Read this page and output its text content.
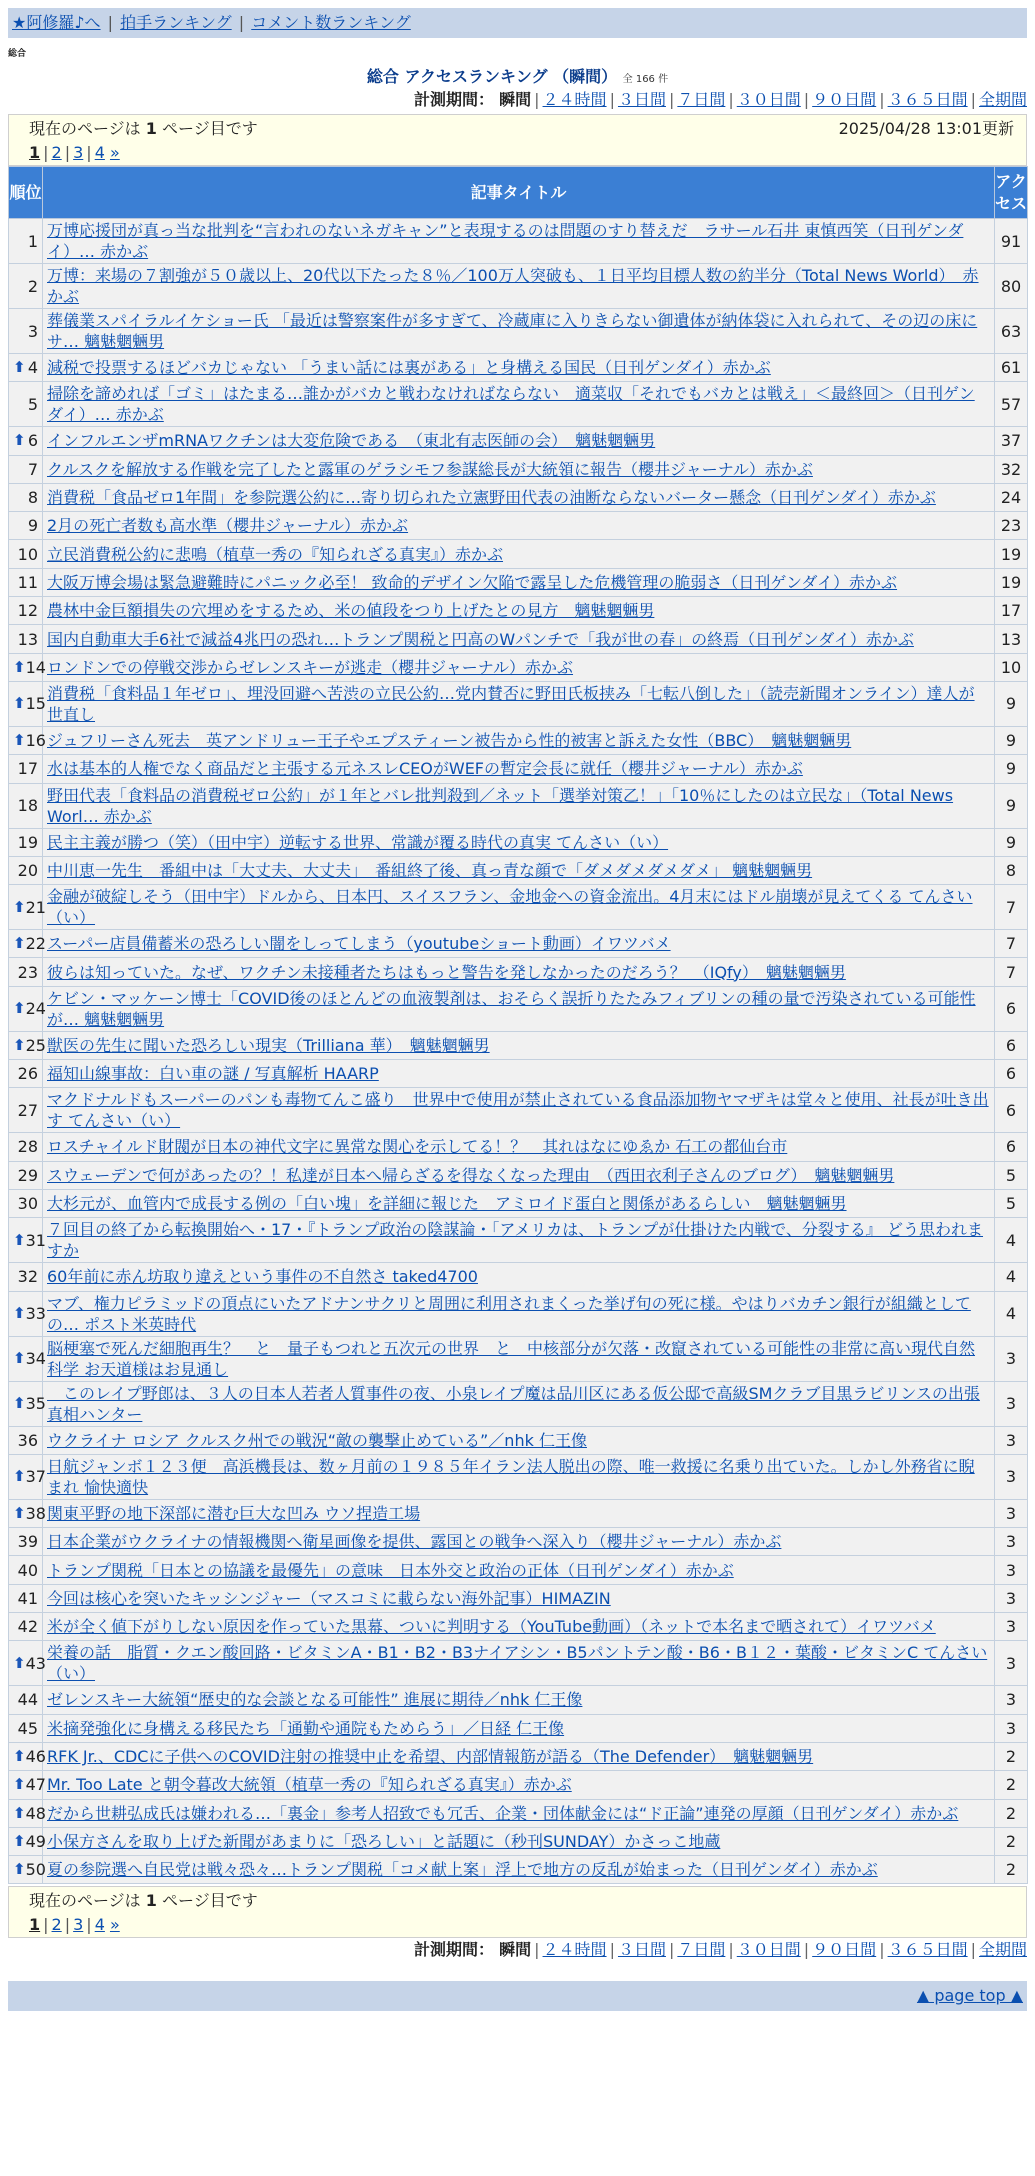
★阿修羅♪へ | 拍手ランキング | コメント数ランキング
総合
総合 アクセスランキング （瞬間） 全 166 件
計測期間： 瞬間 | ２４時間 | ３日間 | ７日間 | ３０日間 | ９０日間 | ３６５日間 | 全期間
現在のページは 1 ページ目です	2025/04/28 13:01更新
1 | 2 | 3 | 4 »
順位	記事タイトル	アクセス
1	万博応援団が真っ当な批判を“言われのないネガキャン”と表現するのは問題のすり替えだ　ラサール石井 東慎西笑（日刊ゲンダイ）… 赤かぶ	91
2	万博：来場の７割強が５０歳以上、20代以下たった８％／100万人突破も、１日平均目標人数の約半分（Total News World）　赤かぶ	80
3	葬儀業スパイラルイケショー氏 「最近は警察案件が多すぎて、冷蔵庫に入りきらない御遺体が納体袋に入れられて、その辺の床にサ… 魑魅魍魎男	63

⬆ 4	減税で投票するほどバカじゃない 「うまい話には裏がある」と身構える国民（日刊ゲンダイ）赤かぶ	61
5	掃除を諦めれば「ゴミ」はたまる…誰かがバカと戦わなければならない　適菜収「それでもバカとは戦え」＜最終回＞（日刊ゲンダイ）… 赤かぶ	57

⬆ 6	インフルエンザmRNAワクチンは大変危険である　（東北有志医師の会）　魑魅魍魎男	37
7	クルスクを解放する作戦を完了したと露軍のゲラシモフ参謀総長が大統領に報告（櫻井ジャーナル）赤かぶ	32
8	消費税「食品ゼロ1年間」を参院選公約に…寄り切られた立憲野田代表の油断ならないバーター懸念（日刊ゲンダイ）赤かぶ	24
9	2月の死亡者数も高水準（櫻井ジャーナル）赤かぶ	23
10	立民消費税公約に悲鳴（植草一秀の『知られざる真実』）赤かぶ	19
11	大阪万博会場は緊急避難時にパニック必至！ 致命的デザイン欠陥で露呈した危機管理の脆弱さ（日刊ゲンダイ）赤かぶ	19
12	農林中金巨額損失の穴埋めをするため、米の値段をつり上げたとの見方　魑魅魍魎男	17
13	国内自動車大手6社で減益4兆円の恐れ…トランプ関税と円高のWパンチで「我が世の春」の終焉（日刊ゲンダイ）赤かぶ	13

⬆ 14	ロンドンでの停戦交渉からゼレンスキーが逃走（櫻井ジャーナル）赤かぶ	10

⬆ 15	消費税「食料品１年ゼロ」、埋没回避へ苦渋の立民公約…党内賛否に野田氏板挟み「七転八倒した」（読売新聞オンライン）達人が世直し	9

⬆ 16	ジュフリーさん死去　英アンドリュー王子やエプスティーン被告から性的被害と訴えた女性（BBC）　魑魅魍魎男	9
17	水は基本的人権でなく商品だと主張する元ネスレCEOがWEFの暫定会長に就任（櫻井ジャーナル）赤かぶ	9
18	野田代表「食料品の消費税ゼロ公約」が１年とバレ批判殺到／ネット「選挙対策乙！」「10％にしたのは立民な」（Total News Worl… 赤かぶ	9
19	民主主義が勝つ（笑）（田中宇）逆転する世界、常識が覆る時代の真実 てんさい（い）	9
20	中川恵一先生　番組中は「大丈夫、大丈夫」　番組終了後、真っ青な顔で「ダメダメダメダメ」 魑魅魍魎男	8

⬆ 21	金融が破綻しそう（田中宇）ドルから、日本円、スイスフラン、金地金への資金流出。4月末にはドル崩壊が見えてくる てんさい（い）	7

⬆ 22	スーパー店員備蓄米の恐ろしい闇をしってしまう（youtubeショート動画）イワツバメ	7
23	彼らは知っていた。なぜ、ワクチン未接種者たちはもっと警告を発しなかったのだろう？　（IQfy）　魑魅魍魎男	7

⬆ 24	ケビン・マッケーン博士「COVID後のほとんどの血液製剤は、おそらく誤折りたたみフィブリンの種の量で汚染されている可能性が… 魑魅魍魎男	6

⬆ 25	獣医の先生に聞いた恐ろしい現実（Trilliana 華）　魑魅魍魎男	6
26	福知山線事故：白い車の謎 / 写真解析 HAARP	6
27	マクドナルドもスーパーのパンも毒物てんこ盛り　世界中で使用が禁止されている食品添加物ヤマザキは堂々と使用、社長が吐き出す てんさい（い）	6
28	ロスチャイルド財閥が日本の神代文字に異常な関心を示してる！？　其れはなにゆゑか 石工の都仙台市	6
29	スウェーデンで何があったの？！私達が日本へ帰らざるを得なくなった理由　（西田衣利子さんのブログ）　魑魅魍魎男	5
30	大杉元が、血管内で成長する例の「白い塊」を詳細に報じた　アミロイド蛋白と関係があるらしい　魑魅魍魎男	5

⬆ 31	７回目の終了から転換開始へ・17・『トランプ政治の陰謀論・「アメリカは、トランプが仕掛けた内戦で、分裂する』 どう思われますか	4
32	60年前に赤ん坊取り違えという事件の不自然さ taked4700	4

⬆ 33	マブ、権力ピラミッドの頂点にいたアドナンサクリと周囲に利用されまくった挙げ句の死に様。やはりバカチン銀行が組織としての… ポスト米英時代	4

⬆ 34	脳梗塞で死んだ細胞再生？　と　量子もつれと五次元の世界　と　中核部分が欠落・改竄されている可能性の非常に高い現代自然科学 お天道様はお見通し	3

⬆ 35	　このレイプ野郎は、３人の日本人若者人質事件の夜、小泉レイプ魔は品川区にある仮公邸で高級SMクラブ目黒ラビリンスの出張 真相ハンター	3
36	ウクライナ ロシア クルスク州での戦況“敵の襲撃止めている”／nhk 仁王像	3

⬆ 37	日航ジャンボ１２３便　高浜機長は、数ヶ月前の１９８５年イラン法人脱出の際、唯一救援に名乗り出ていた。しかし外務省に睨まれ 愉快適快	3

⬆ 38	関東平野の地下深部に潜む巨大な凹み ウソ捏造工場	3
39	日本企業がウクライナの情報機関へ衛星画像を提供、露国との戦争へ深入り（櫻井ジャーナル）赤かぶ	3
40	トランプ関税「日本との協議を最優先」の意味　日本外交と政治の正体（日刊ゲンダイ）赤かぶ	3
41	今回は核心を突いたキッシンジャー（マスコミに載らない海外記事）HIMAZIN	3
42	米が全く値下がりしない原因を作っていた黒幕、ついに判明する（YouTube動画）（ネットで本名まで晒されて）イワツバメ	3

⬆ 43	栄養の話　脂質・クエン酸回路・ビタミンA・B1・B2・B3ナイアシン・B5パントテン酸・B6・B１２・葉酸・ビタミンC てんさい（い）	3
44	ゼレンスキー大統領“歴史的な会談となる可能性” 進展に期待／nhk 仁王像	3
45	米摘発強化に身構える移民たち「通勤や通院もためらう」／日経 仁王像	3

⬆ 46	RFK Jr.、CDCに子供へのCOVID注射の推奨中止を希望、内部情報筋が語る（The Defender）　魑魅魍魎男	2

⬆ 47	Mr. Too Late と朝令暮改大統領（植草一秀の『知られざる真実』）赤かぶ	2

⬆ 48	だから世耕弘成氏は嫌われる…「裏金」参考人招致でも冗舌、企業・団体献金には“ド正論”連発の厚顔（日刊ゲンダイ）赤かぶ	2

⬆ 49	小保方さんを取り上げた新聞があまりに「恐ろしい」と話題に（秒刊SUNDAY）かさっこ地蔵	2

⬆ 50	夏の参院選へ自民党は戦々恐々…トランプ関税「コメ献上案」浮上で地方の反乱が始まった（日刊ゲンダイ）赤かぶ	2
現在のページは 1 ページ目です
1 | 2 | 3 | 4 »
計測期間： 瞬間 | ２４時間 | ３日間 | ７日間 | ３０日間 | ９０日間 | ３６５日間 | 全期間
▲ page top ▲
